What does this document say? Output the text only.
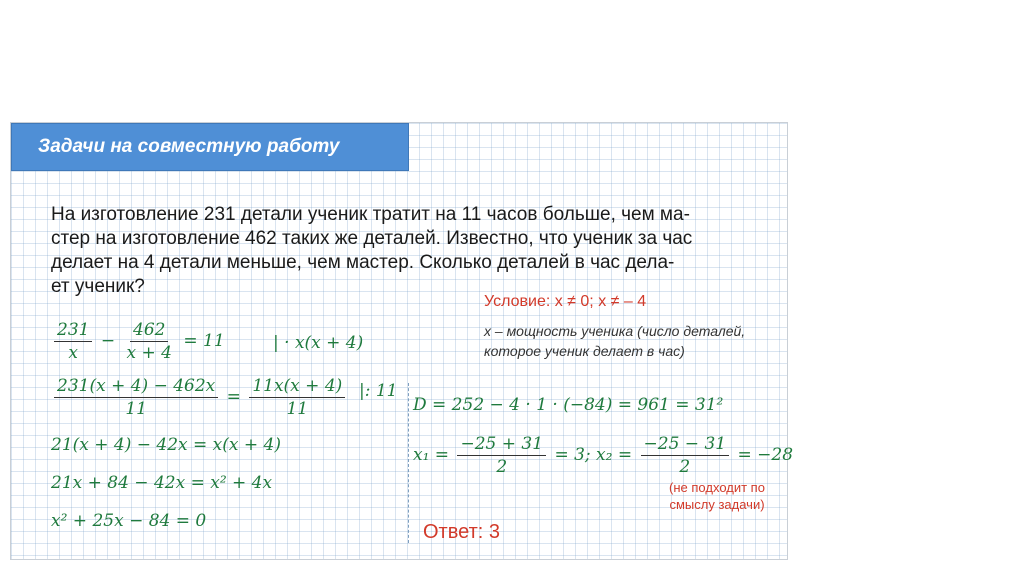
Задачи на совместную работу
На изготовление 231 детали ученик тратит на 11 часов больше, чем ма-
стер на изготовление 462 таких же деталей. Известно, что ученик за час
делает на 4 детали меньше, чем мастер. Сколько деталей в час дела-
ет ученик?
Условие: x ≠ 0; x ≠ – 4
x – мощность ученика (число деталей, которое ученик делает в час)
$\frac{231}{x} - \frac{462}{x + 4} = 11$	| · x(x + 4)
$\frac{231(x + 4) - 462x}{11} = \frac{11x(x + 4)}{11}$ |: 11
21(x + 4) − 42x = x(x + 4)
21x + 84 − 42x = x² + 4x
x² + 25x − 84 = 0
D = 252 − 4 · 1 · (−84) = 961 = 31²
$x_1 = \frac{-25 + 31}{2} = 3$; $x_2 = \frac{-25 - 31}{2} = -28$
(не подходит по смыслу задачи)
Ответ: 3
